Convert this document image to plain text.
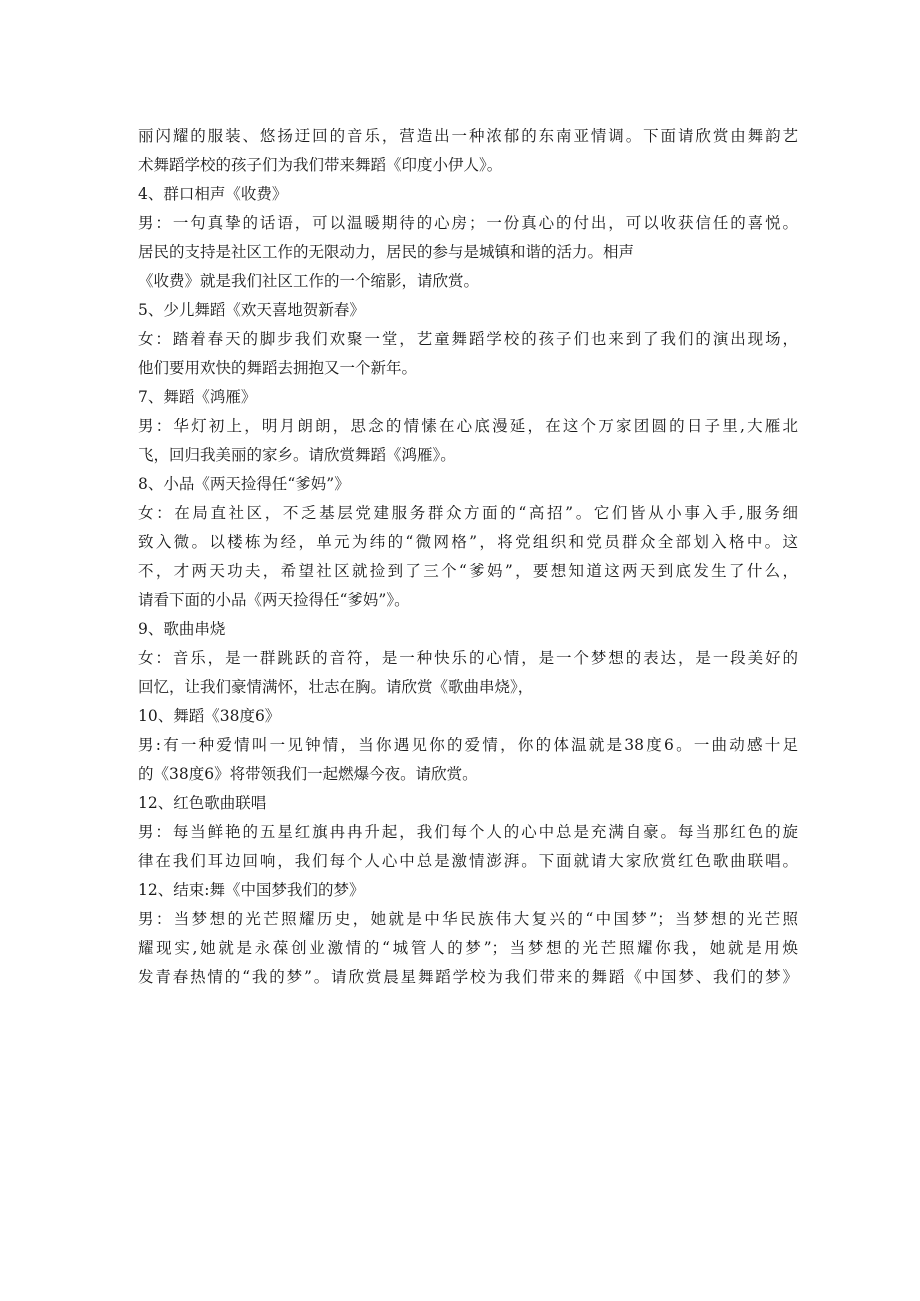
丽闪耀的服装、悠扬迂回的音乐，营造出一种浓郁的东南亚情调。下面请欣赏由舞韵艺
术舞蹈学校的孩子们为我们带来舞蹈《印度小伊人》。
4、群口相声《收费》
男：一句真挚的话语，可以温暖期待的心房；一份真心的付出，可以收获信任的喜悦。
居民的支持是社区工作的无限动力，居民的参与是城镇和谐的活力。相声
《收费》就是我们社区工作的一个缩影，请欣赏。
5、少儿舞蹈《欢天喜地贺新春》
女：踏着春天的脚步我们欢聚一堂，艺童舞蹈学校的孩子们也来到了我们的演出现场，
他们要用欢快的舞蹈去拥抱又一个新年。
7、舞蹈《鸿雁》
男：华灯初上，明月朗朗，思念的情愫在心底漫延，在这个万家团圆的日子里,大雁北
飞，回归我美丽的家乡。请欣赏舞蹈《鸿雁》。
8、小品《两天捡得任“爹妈”》
女：在局直社区，不乏基层党建服务群众方面的“高招”。它们皆从小事入手,服务细
致入微。以楼栋为经，单元为纬的“微网格”，将党组织和党员群众全部划入格中。这
不，才两天功夫，希望社区就捡到了三个“爹妈”，要想知道这两天到底发生了什么，
请看下面的小品《两天捡得任“爹妈”》。
9、歌曲串烧
女：音乐，是一群跳跃的音符，是一种快乐的心情，是一个梦想的表达，是一段美好的
回忆，让我们豪情满怀，壮志在胸。请欣赏《歌曲串烧》，
10、舞蹈《38度6》
男:有一种爱情叫一见钟情，当你遇见你的爱情，你的体温就是38度6。一曲动感十足
的《38度6》将带领我们一起燃爆今夜。请欣赏。
12、红色歌曲联唱
男：每当鲜艳的五星红旗冉冉升起，我们每个人的心中总是充满自豪。每当那红色的旋
律在我们耳边回响，我们每个人心中总是激情澎湃。下面就请大家欣赏红色歌曲联唱。
12、结束:舞《中国梦我们的梦》
男：当梦想的光芒照耀历史，她就是中华民族伟大复兴的“中国梦”；当梦想的光芒照
耀现实,她就是永葆创业激情的“城管人的梦”；当梦想的光芒照耀你我，她就是用焕
发青春热情的“我的梦”。请欣赏晨星舞蹈学校为我们带来的舞蹈《中国梦、我们的梦》
